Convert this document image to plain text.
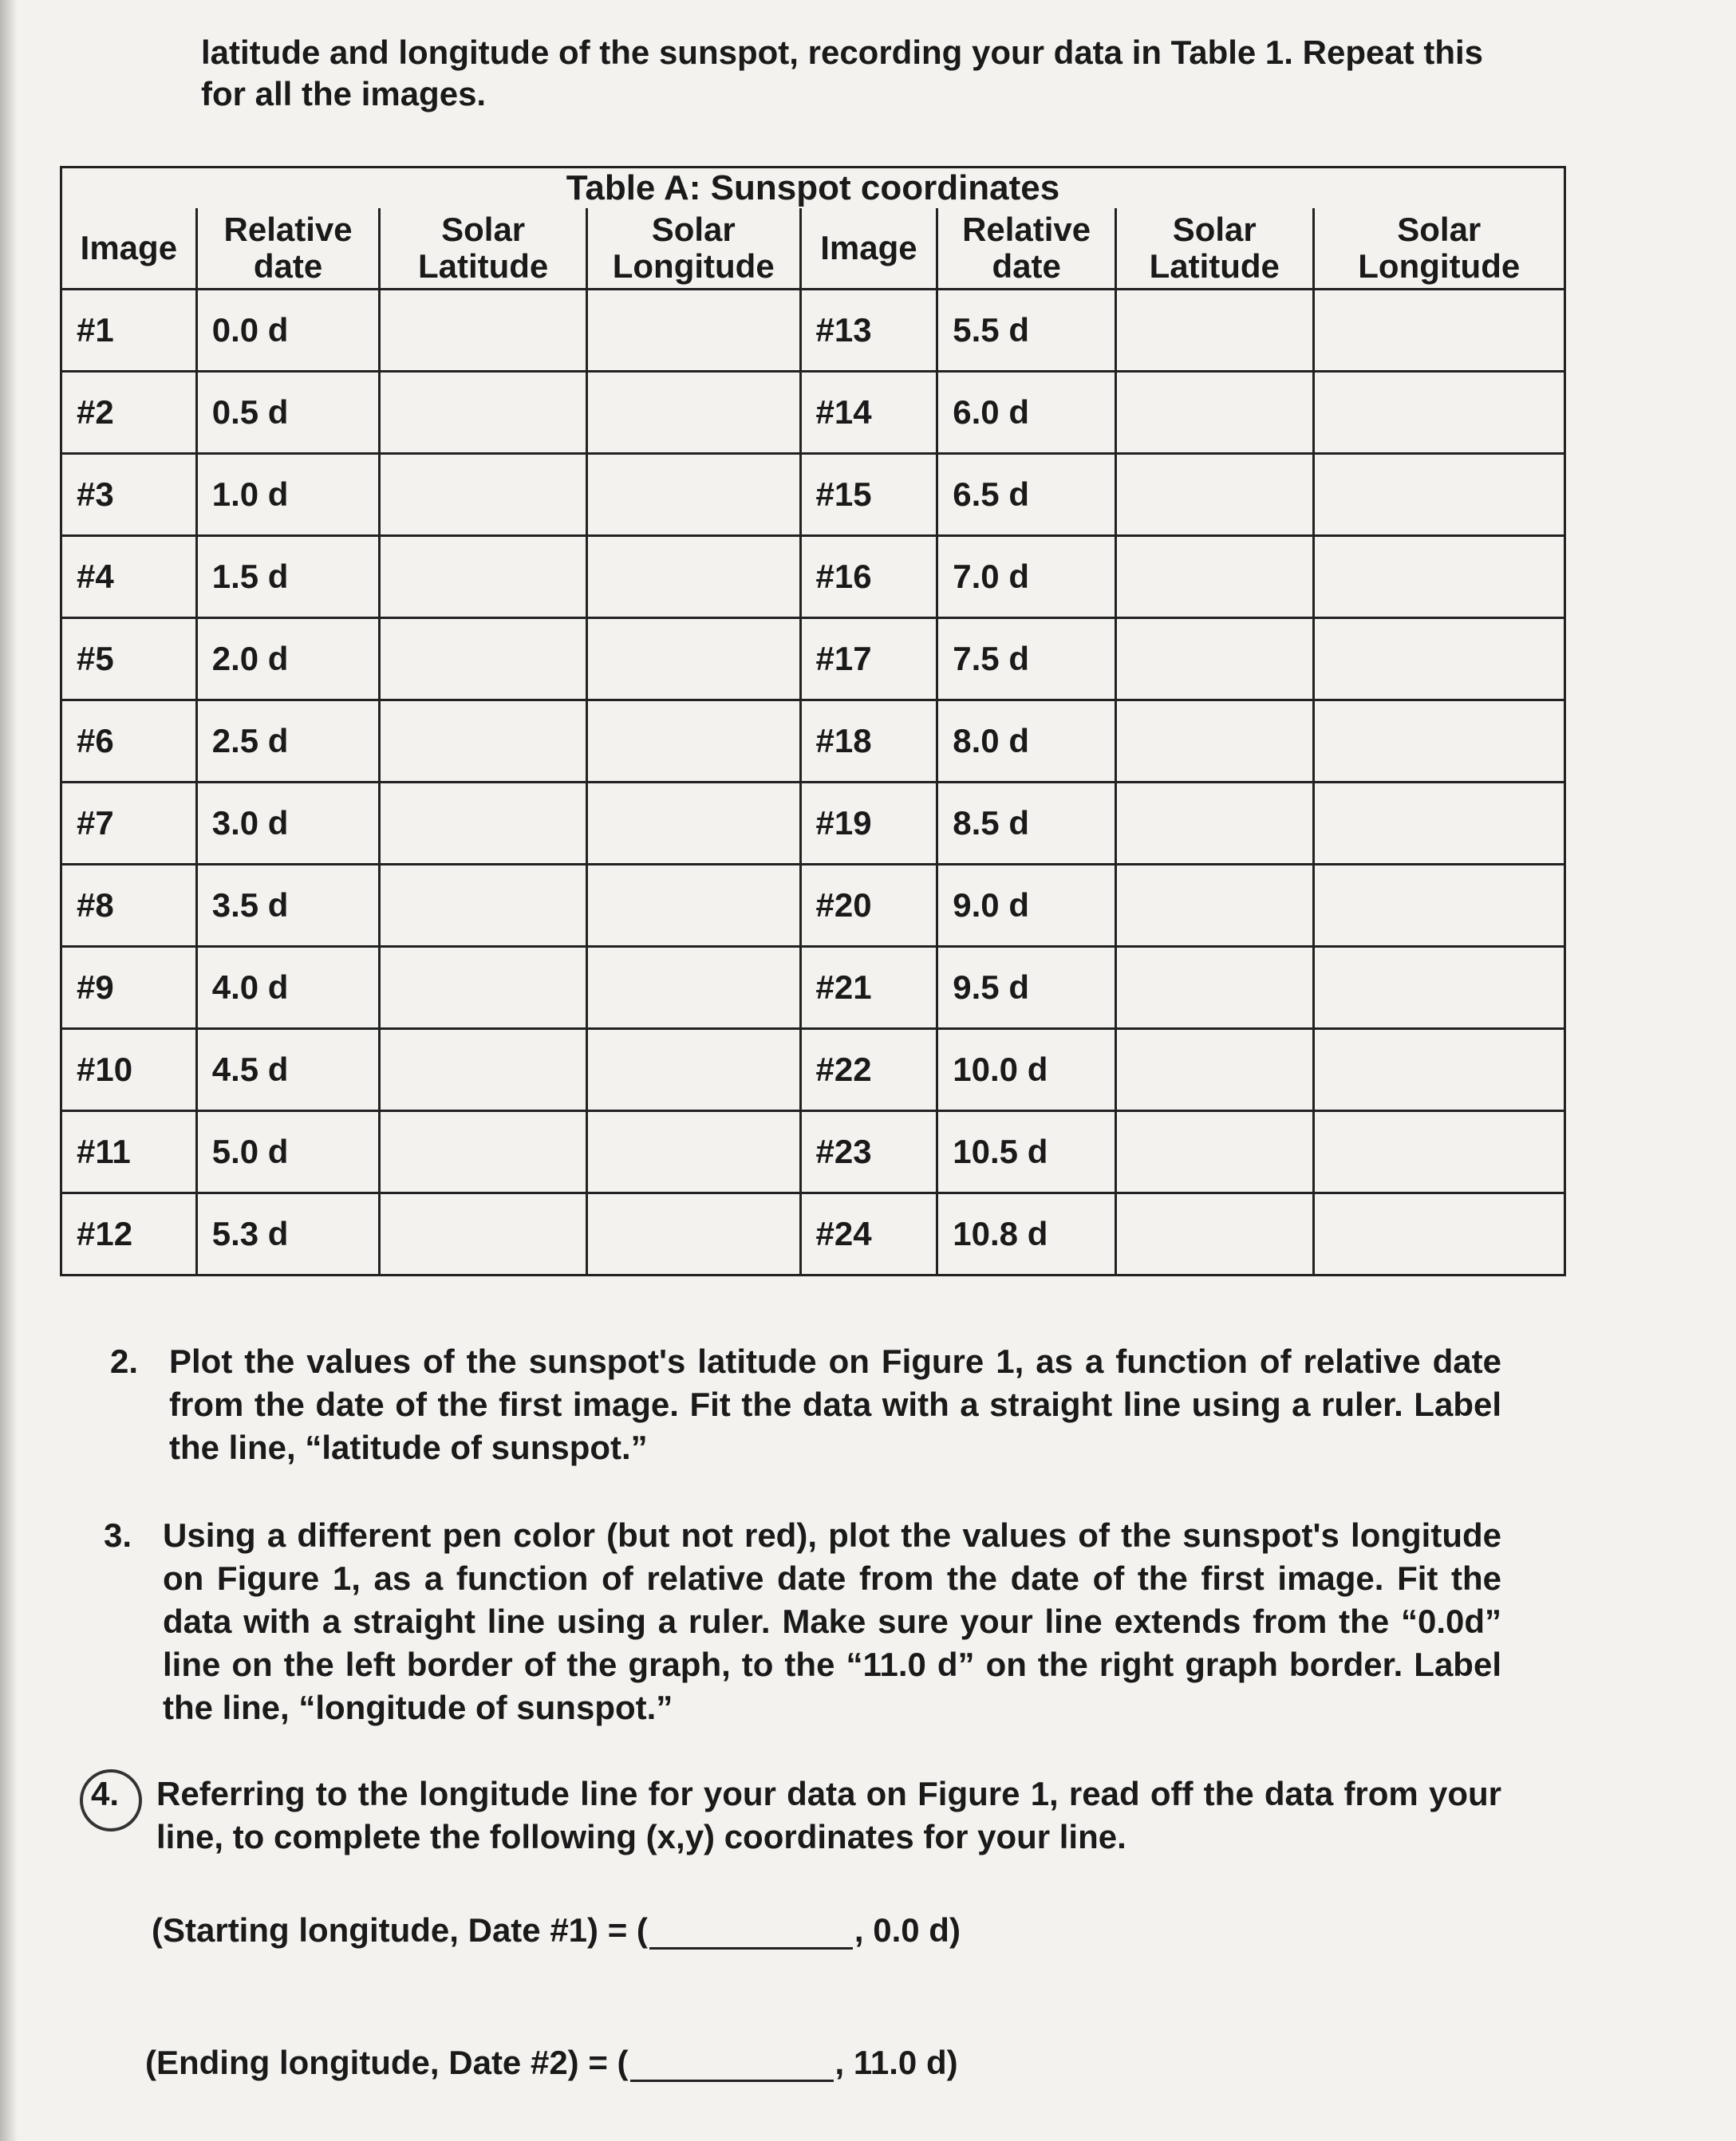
latitude and longitude of the sunspot, recording your data in Table 1. Repeat this for all the images.
Table A: Sunspot coordinates							
Image	Relative date	Solar Latitude	Solar Longitude	Image	Relative date	Solar Latitude	Solar Longitude
#1	0.0 d			#13	5.5 d		
#2	0.5 d			#14	6.0 d		
#3	1.0 d			#15	6.5 d		
#4	1.5 d			#16	7.0 d		
#5	2.0 d			#17	7.5 d		
#6	2.5 d			#18	8.0 d		
#7	3.0 d			#19	8.5 d		
#8	3.5 d			#20	9.0 d		
#9	4.0 d			#21	9.5 d		
#10	4.5 d			#22	10.0 d		
#11	5.0 d			#23	10.5 d		
#12	5.3 d			#24	10.8 d		
2. Plot the values of the sunspot's latitude on Figure 1, as a function of relative date from the date of the first image. Fit the data with a straight line using a ruler. Label the line, “latitude of sunspot.”
3. Using a different pen color (but not red), plot the values of the sunspot's longitude on Figure 1, as a function of relative date from the date of the first image. Fit the data with a straight line using a ruler. Make sure your line extends from the “0.0d” line on the left border of the graph, to the “11.0 d” on the right graph border. Label the line, “longitude of sunspot.”
4. Referring to the longitude line for your data on Figure 1, read off the data from your line, to complete the following (x,y) coordinates for your line.
(Starting longitude, Date #1) = (	, 0.0 d)
(Ending longitude, Date #2) = (	, 11.0 d)
